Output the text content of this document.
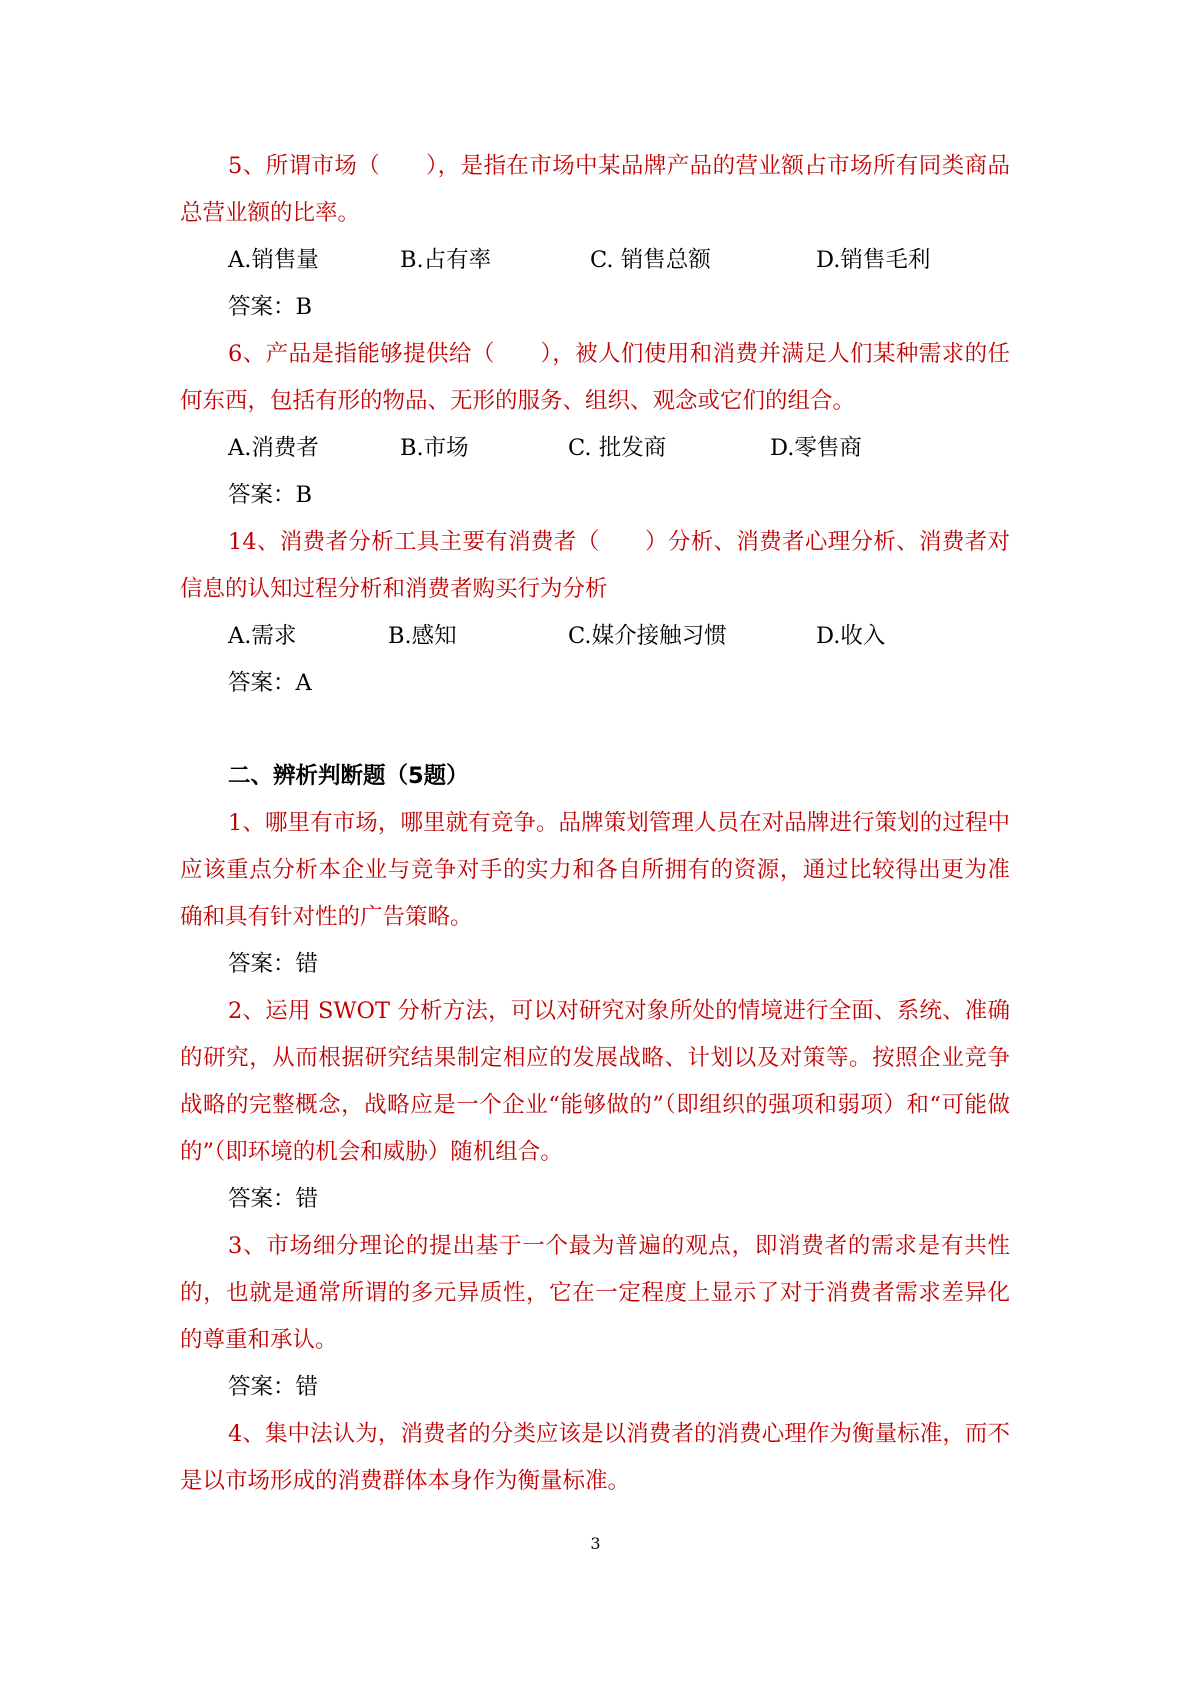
5、所谓市场（　　），是指在市场中某品牌产品的营业额占市场所有同类商品总营业额的比率。

A.销售量	B.占有率	C. 销售总额	D.销售毛利

答案：B

6、产品是指能够提供给（　　），被人们使用和消费并满足人们某种需求的任何东西，包括有形的物品、无形的服务、组织、观念或它们的组合。

A.消费者	B.市场	C. 批发商	D.零售商

答案：B

14、消费者分析工具主要有消费者（　　）分析、消费者心理分析、消费者对信息的认知过程分析和消费者购买行为分析

A.需求	B.感知	C.媒介接触习惯	D.收入

答案：A

二、辨析判断题（5题）

1、哪里有市场，哪里就有竞争。品牌策划管理人员在对品牌进行策划的过程中应该重点分析本企业与竞争对手的实力和各自所拥有的资源，通过比较得出更为准确和具有针对性的广告策略。

答案：错

2、运用 SWOT 分析方法，可以对研究对象所处的情境进行全面、系统、准确的研究，从而根据研究结果制定相应的发展战略、计划以及对策等。按照企业竞争战略的完整概念，战略应是一个企业“能够做的”（即组织的强项和弱项）和“可能做的”（即环境的机会和威胁）随机组合。

答案：错

3、市场细分理论的提出基于一个最为普遍的观点，即消费者的需求是有共性的，也就是通常所谓的多元异质性，它在一定程度上显示了对于消费者需求差异化的尊重和承认。

答案：错

4、集中法认为，消费者的分类应该是以消费者的消费心理作为衡量标准，而不是以市场形成的消费群体本身作为衡量标准。

3
